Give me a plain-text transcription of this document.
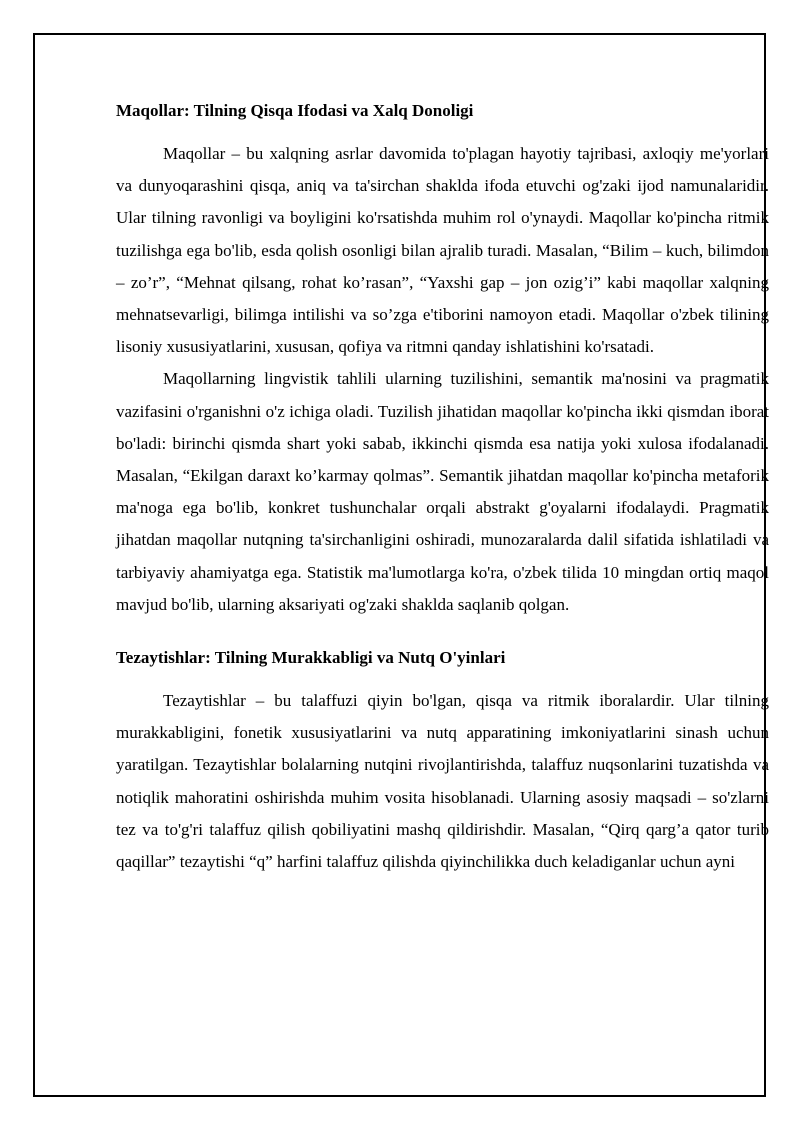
Maqollar: Tilning Qisqa Ifodasi va Xalq Donoligi

Maqollar – bu xalqning asrlar davomida to'plagan hayotiy tajribasi, axloqiy me'yorlari va dunyoqarashini qisqa, aniq va ta'sirchan shaklda ifoda etuvchi og'zaki ijod namunalaridir. Ular tilning ravonligi va boyligini ko'rsatishda muhim rol o'ynaydi. Maqollar ko'pincha ritmik tuzilishga ega bo'lib, esda qolish osonligi bilan ajralib turadi. Masalan, “Bilim – kuch, bilimdon – zo’r”, “Mehnat qilsang, rohat ko’rasan”, “Yaxshi gap – jon ozig’i” kabi maqollar xalqning mehnatsevarligi, bilimga intilishi va so’zga e'tiborini namoyon etadi. Maqollar o'zbek tilining lisoniy xususiyatlarini, xususan, qofiya va ritmni qanday ishlatishini ko'rsatadi.

Maqollarning lingvistik tahlili ularning tuzilishini, semantik ma'nosini va pragmatik vazifasini o'rganishni o'z ichiga oladi. Tuzilish jihatidan maqollar ko'pincha ikki qismdan iborat bo'ladi: birinchi qismda shart yoki sabab, ikkinchi qismda esa natija yoki xulosa ifodalanadi. Masalan, “Ekilgan daraxt ko’karmay qolmas”. Semantik jihatdan maqollar ko'pincha metaforik ma'noga ega bo'lib, konkret tushunchalar orqali abstrakt g'oyalarni ifodalaydi. Pragmatik jihatdan maqollar nutqning ta'sirchanligini oshiradi, munozaralarda dalil sifatida ishlatiladi va tarbiyaviy ahamiyatga ega. Statistik ma'lumotlarga ko'ra, o'zbek tilida 10 mingdan ortiq maqol mavjud bo'lib, ularning aksariyati og'zaki shaklda saqlanib qolgan.

Tezaytishlar: Tilning Murakkabligi va Nutq O'yinlari

Tezaytishlar – bu talaffuzi qiyin bo'lgan, qisqa va ritmik iboralardir. Ular tilning murakkabligini, fonetik xususiyatlarini va nutq apparatining imkoniyatlarini sinash uchun yaratilgan. Tezaytishlar bolalarning nutqini rivojlantirishda, talaffuz nuqsonlarini tuzatishda va notiqlik mahoratini oshirishda muhim vosita hisoblanadi. Ularning asosiy maqsadi – so'zlarni tez va to'g'ri talaffuz qilish qobiliyatini mashq qildirishdir. Masalan, “Qirq qarg’a qator turib qaqillar” tezaytishi “q” harfini talaffuz qilishda qiyinchilikka duch keladiganlar uchun ayni
